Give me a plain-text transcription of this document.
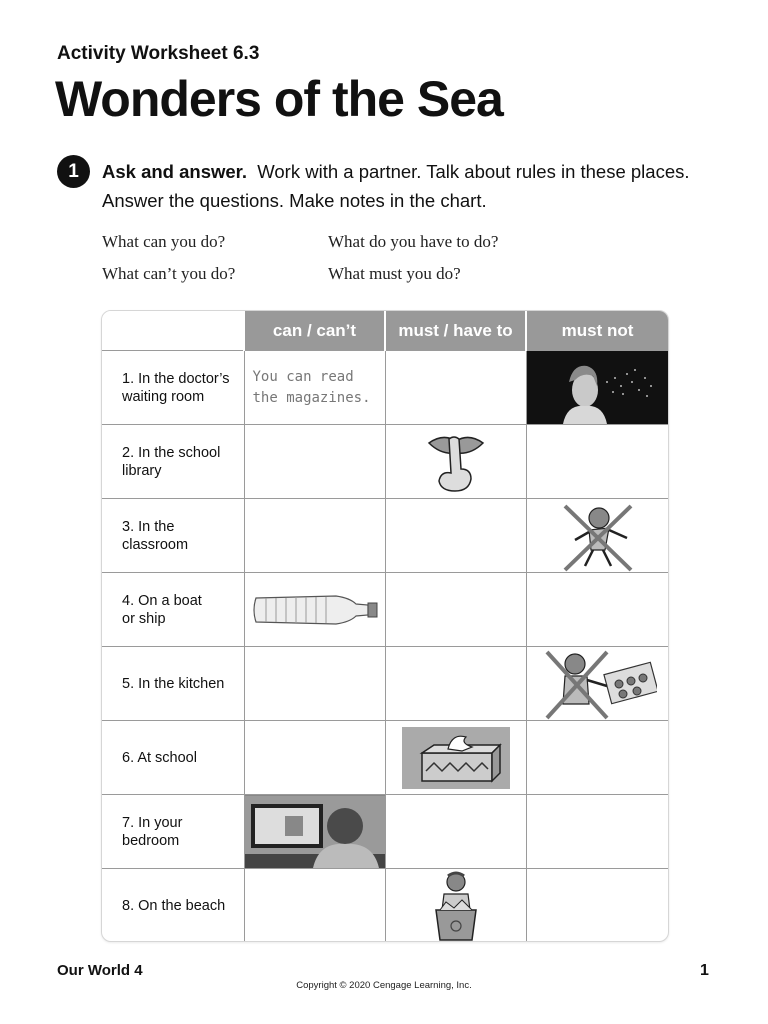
Activity Worksheet 6.3
Wonders of the Sea
1	Ask and answer. Work with a partner. Talk about rules in these places. Answer the questions. Make notes in the chart.
What can you do?
What can’t you do?
What do you have to do?
What must you do?
	can / can’t	must / have to	must not
1. In the doctor’s
waiting room	You can read
the magazines.

2. In the school
library		

3. In the
classroom			

4. On a boat
or ship	

5. In the kitchen			

6. At school		

7. In your
bedroom	

8. On the beach		

Our World 4	1
Copyright © 2020 Cengage Learning, Inc.
